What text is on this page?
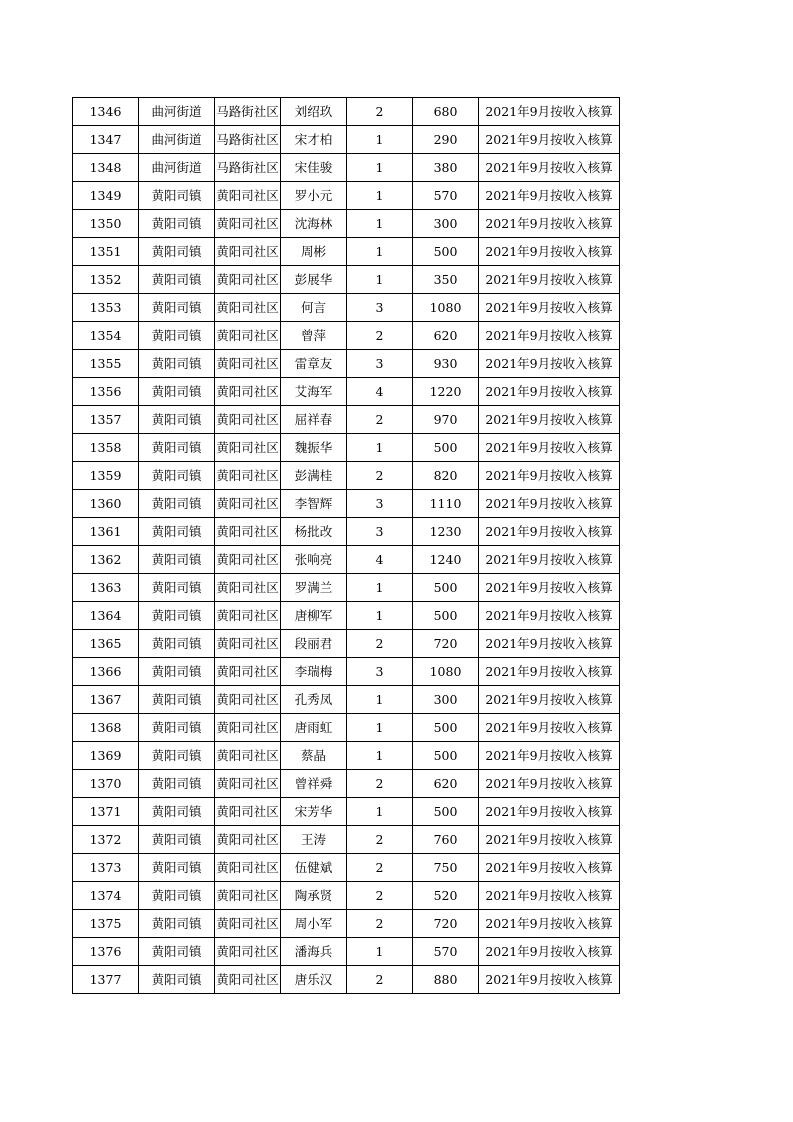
1346	曲河街道	马路街社区	刘绍玖	2	680	2021年9月按收入核算
1347	曲河街道	马路街社区	宋才柏	1	290	2021年9月按收入核算
1348	曲河街道	马路街社区	宋佳骏	1	380	2021年9月按收入核算
1349	黄阳司镇	黄阳司社区	罗小元	1	570	2021年9月按收入核算
1350	黄阳司镇	黄阳司社区	沈海林	1	300	2021年9月按收入核算
1351	黄阳司镇	黄阳司社区	周彬	1	500	2021年9月按收入核算
1352	黄阳司镇	黄阳司社区	彭展华	1	350	2021年9月按收入核算
1353	黄阳司镇	黄阳司社区	何言	3	1080	2021年9月按收入核算
1354	黄阳司镇	黄阳司社区	曾萍	2	620	2021年9月按收入核算
1355	黄阳司镇	黄阳司社区	雷章友	3	930	2021年9月按收入核算
1356	黄阳司镇	黄阳司社区	艾海军	4	1220	2021年9月按收入核算
1357	黄阳司镇	黄阳司社区	屈祥春	2	970	2021年9月按收入核算
1358	黄阳司镇	黄阳司社区	魏振华	1	500	2021年9月按收入核算
1359	黄阳司镇	黄阳司社区	彭满桂	2	820	2021年9月按收入核算
1360	黄阳司镇	黄阳司社区	李智辉	3	1110	2021年9月按收入核算
1361	黄阳司镇	黄阳司社区	杨批改	3	1230	2021年9月按收入核算
1362	黄阳司镇	黄阳司社区	张响亮	4	1240	2021年9月按收入核算
1363	黄阳司镇	黄阳司社区	罗满兰	1	500	2021年9月按收入核算
1364	黄阳司镇	黄阳司社区	唐柳军	1	500	2021年9月按收入核算
1365	黄阳司镇	黄阳司社区	段丽君	2	720	2021年9月按收入核算
1366	黄阳司镇	黄阳司社区	李瑞梅	3	1080	2021年9月按收入核算
1367	黄阳司镇	黄阳司社区	孔秀凤	1	300	2021年9月按收入核算
1368	黄阳司镇	黄阳司社区	唐雨虹	1	500	2021年9月按收入核算
1369	黄阳司镇	黄阳司社区	蔡晶	1	500	2021年9月按收入核算
1370	黄阳司镇	黄阳司社区	曾祥舜	2	620	2021年9月按收入核算
1371	黄阳司镇	黄阳司社区	宋芳华	1	500	2021年9月按收入核算
1372	黄阳司镇	黄阳司社区	王涛	2	760	2021年9月按收入核算
1373	黄阳司镇	黄阳司社区	伍健斌	2	750	2021年9月按收入核算
1374	黄阳司镇	黄阳司社区	陶承贤	2	520	2021年9月按收入核算
1375	黄阳司镇	黄阳司社区	周小军	2	720	2021年9月按收入核算
1376	黄阳司镇	黄阳司社区	潘海兵	1	570	2021年9月按收入核算
1377	黄阳司镇	黄阳司社区	唐乐汉	2	880	2021年9月按收入核算
